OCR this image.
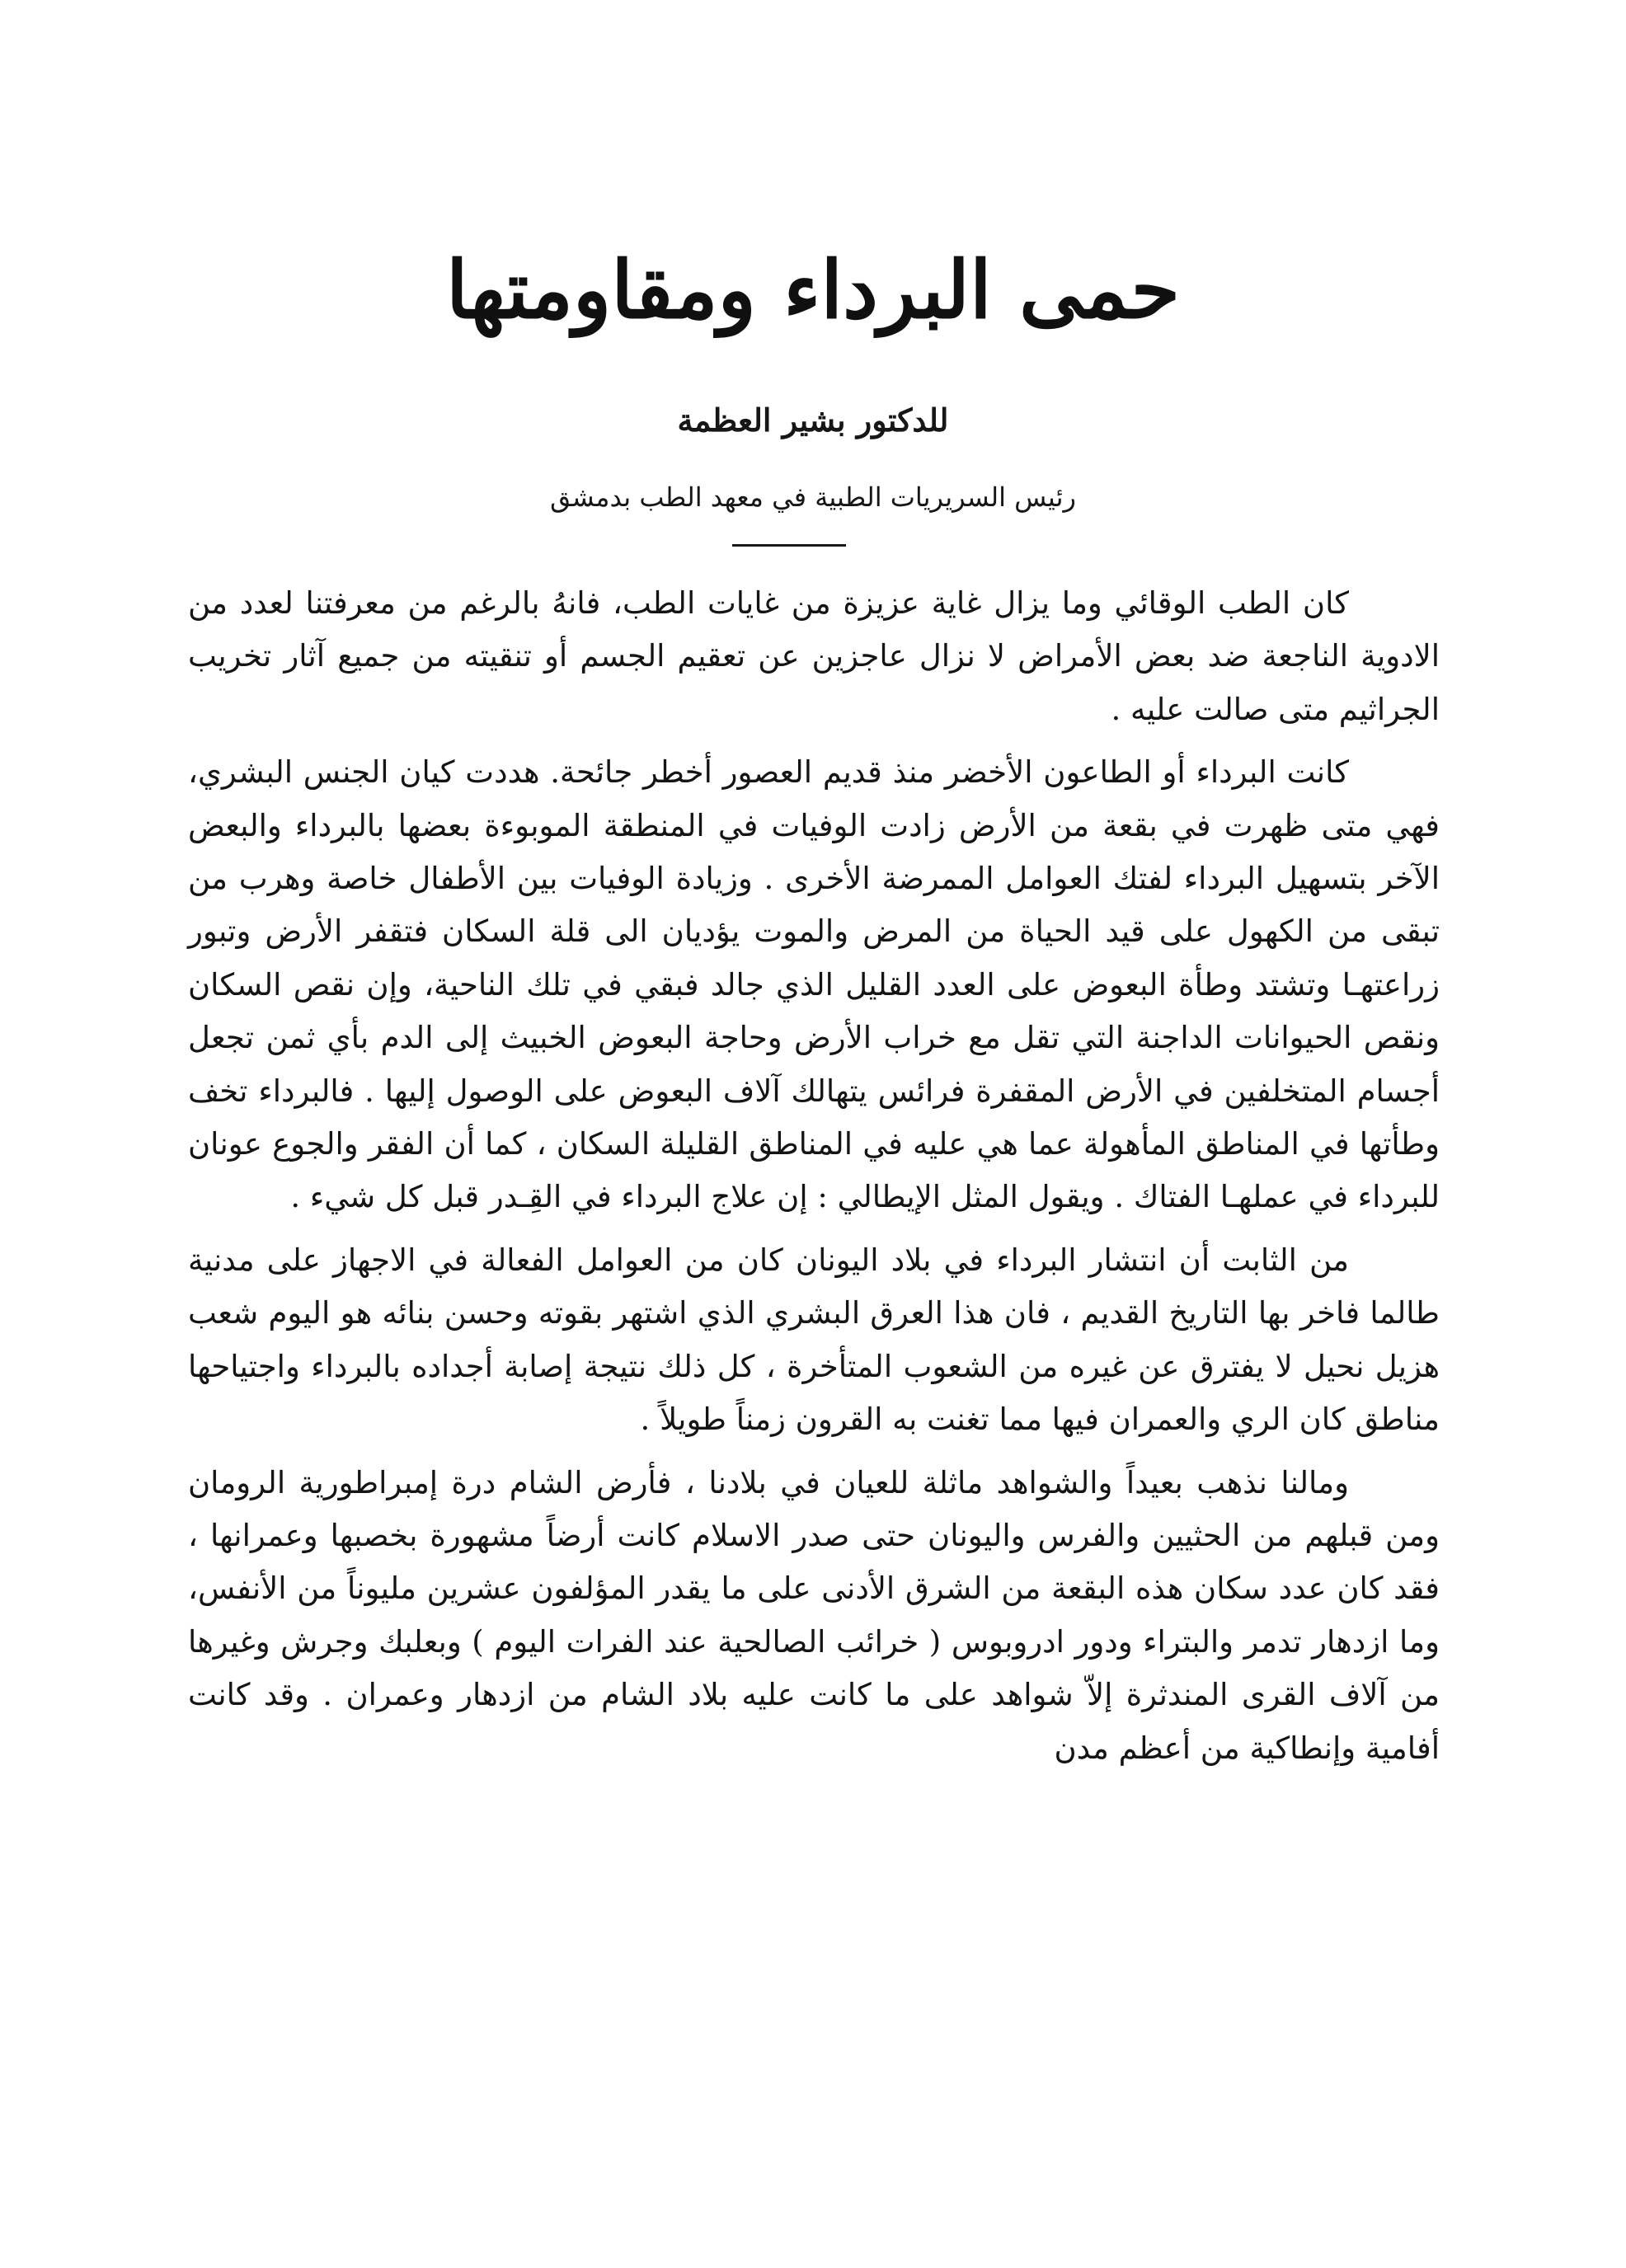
حمى البرداء ومقاومتها
للدكتور بشير العظمة
رئيس السريريات الطبية في معهد الطب بدمشق

كان الطب الوقائي وما يزال غاية عزيزة من غايات الطب، فانهُ بالرغم من معرفتنا لعدد من الادوية الناجعة ضد بعض الأمراض لا نزال عاجزين عن تعقيم الجسم أو تنقيته من جميع آثار تخريب الجراثيم متى صالت عليه .

كانت البرداء أو الطاعون الأخضر منذ قديم العصور أخطر جائحة. هددت كيان الجنس البشري، فهي متى ظهرت في بقعة من الأرض زادت الوفيات في المنطقة الموبوءة بعضها بالبرداء والبعض الآخر بتسهيل البرداء لفتك العوامل الممرضة الأخرى . وزيادة الوفيات بين الأطفال خاصة وهرب من تبقى من الكهول على قيد الحياة من المرض والموت يؤديان الى قلة السكان فتقفر الأرض وتبور زراعتهـا وتشتد وطأة البعوض على العدد القليل الذي جالد فبقي في تلك الناحية، وإن نقص السكان ونقص الحيوانات الداجنة التي تقل مع خراب الأرض وحاجة البعوض الخبيث إلى الدم بأي ثمن تجعل أجسام المتخلفين في الأرض المقفرة فرائس يتهالك آلاف البعوض على الوصول إليها . فالبرداء تخف وطأتها في المناطق المأهولة عما هي عليه في المناطق القليلة السكان ، كما أن الفقر والجوع عونان للبرداء في عملهـا الفتاك . ويقول المثل الإيطالي : إن علاج البرداء في القِـدر قبل كل شيء .

من الثابت أن انتشار البرداء في بلاد اليونان كان من العوامل الفعالة في الاجهاز على مدنية طالما فاخر بها التاريخ القديم ، فان هذا العرق البشري الذي اشتهر بقوته وحسن بنائه هو اليوم شعب هزيل نحيل لا يفترق عن غيره من الشعوب المتأخرة ، كل ذلك نتيجة إصابة أجداده بالبرداء واجتياحها مناطق كان الري والعمران فيها مما تغنت به القرون زمناً طويلاً .

ومالنا نذهب بعيداً والشواهد ماثلة للعيان في بلادنا ، فأرض الشام درة إمبراطورية الرومان ومن قبلهم من الحثيين والفرس واليونان حتى صدر الاسلام كانت أرضاً مشهورة بخصبها وعمرانها ، فقد كان عدد سكان هذه البقعة من الشرق الأدنى على ما يقدر المؤلفون عشرين مليوناً من الأنفس، وما ازدهار تدمر والبتراء ودور ادروبوس ( خرائب الصالحية عند الفرات اليوم ) وبعلبك وجرش وغيرها من آلاف القرى المندثرة إلاّ شواهد على ما كانت عليه بلاد الشام من ازدهار وعمران . وقد كانت أفامية وإنطاكية من أعظم مدن
